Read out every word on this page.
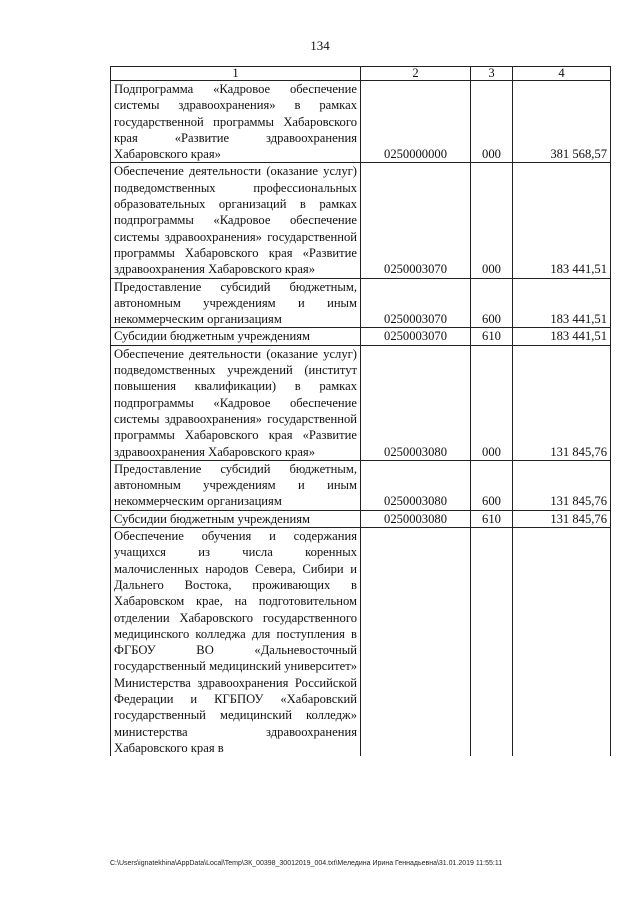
134
1	2	3	4
Подпрограмма «Кадровое обеспечение системы здравоохранения» в рамках государственной программы Хабаровского края «Развитие здравоохранения Хабаровского края»	0250000000	000	381 568,57
Обеспечение деятельности (оказание услуг) подведомственных профессиональных образовательных организаций в рамках подпрограммы «Кадровое обеспечение системы здравоохранения» государственной программы Хабаровского края «Развитие здравоохранения Хабаровского края»	0250003070	000	183 441,51
Предоставление субсидий бюджетным, автономным учреждениям и иным некоммерческим организациям	0250003070	600	183 441,51
Субсидии бюджетным учреждениям	0250003070	610	183 441,51
Обеспечение деятельности (оказание услуг) подведомственных учреждений (институт повышения квалификации) в рамках подпрограммы «Кадровое обеспечение системы здравоохранения» государственной программы Хабаровского края «Развитие здравоохранения Хабаровского края»	0250003080	000	131 845,76
Предоставление субсидий бюджетным, автономным учреждениям и иным некоммерческим организациям	0250003080	600	131 845,76
Субсидии бюджетным учреждениям	0250003080	610	131 845,76
Обеспечение обучения и содержания учащихся из числа коренных малочисленных народов Севера, Сибири и Дальнего Востока, проживающих в Хабаровском крае, на подготовительном отделении Хабаровского государственного медицинского колледжа для поступления в ФГБОУ ВО «Дальневосточный государственный медицинский университет» Министерства здравоохранения Российской Федерации и КГБПОУ «Хабаровский государственный медицинский колледж» министерства здравоохранения Хабаровского края в			
C:\Users\ignatekhina\AppData\Local\Temp\ЗК_00398_30012019_004.txt\Меледина Ирина Геннадьевна\31.01.2019 11:55:11
